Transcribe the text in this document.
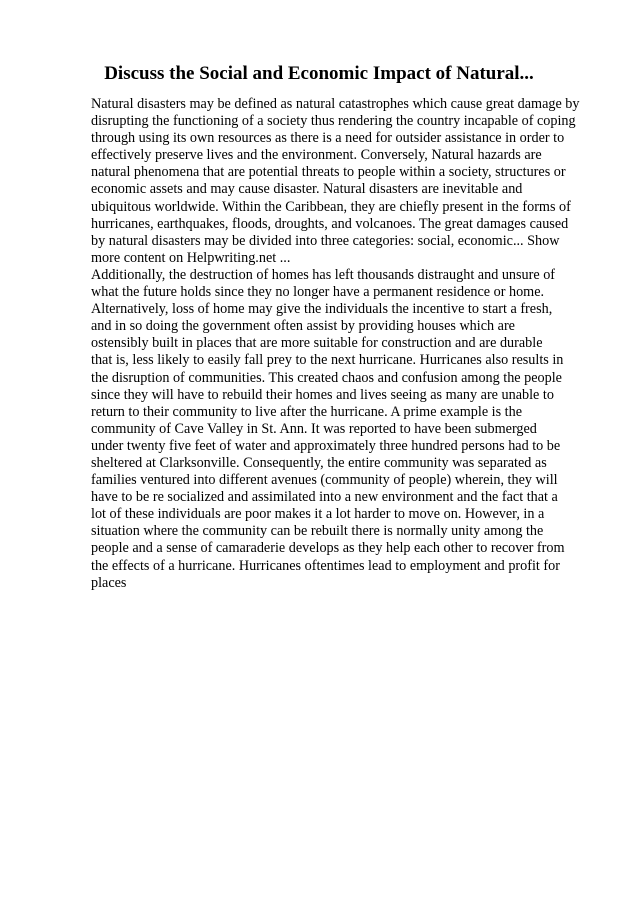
Discuss the Social and Economic Impact of Natural...
Natural disasters may be defined as natural catastrophes which cause great damage by
disrupting the functioning of a society thus rendering the country incapable of coping
through using its own resources as there is a need for outsider assistance in order to
effectively preserve lives and the environment. Conversely, Natural hazards are
natural phenomena that are potential threats to people within a society, structures or
economic assets and may cause disaster. Natural disasters are inevitable and
ubiquitous worldwide. Within the Caribbean, they are chiefly present in the forms of
hurricanes, earthquakes, floods, droughts, and volcanoes. The great damages caused
by natural disasters may be divided into three categories: social, economic... Show
more content on Helpwriting.net ...
Additionally, the destruction of homes has left thousands distraught and unsure of
what the future holds since they no longer have a permanent residence or home.
Alternatively, loss of home may give the individuals the incentive to start a fresh,
and in so doing the government often assist by providing houses which are
ostensibly built in places that are more suitable for construction and are durable
that is, less likely to easily fall prey to the next hurricane. Hurricanes also results in
the disruption of communities. This created chaos and confusion among the people
since they will have to rebuild their homes and lives seeing as many are unable to
return to their community to live after the hurricane. A prime example is the
community of Cave Valley in St. Ann. It was reported to have been submerged
under twenty five feet of water and approximately three hundred persons had to be
sheltered at Clarksonville. Consequently, the entire community was separated as
families ventured into different avenues (community of people) wherein, they will
have to be re socialized and assimilated into a new environment and the fact that a
lot of these individuals are poor makes it a lot harder to move on. However, in a
situation where the community can be rebuilt there is normally unity among the
people and a sense of camaraderie develops as they help each other to recover from
the effects of a hurricane. Hurricanes oftentimes lead to employment and profit for
places
